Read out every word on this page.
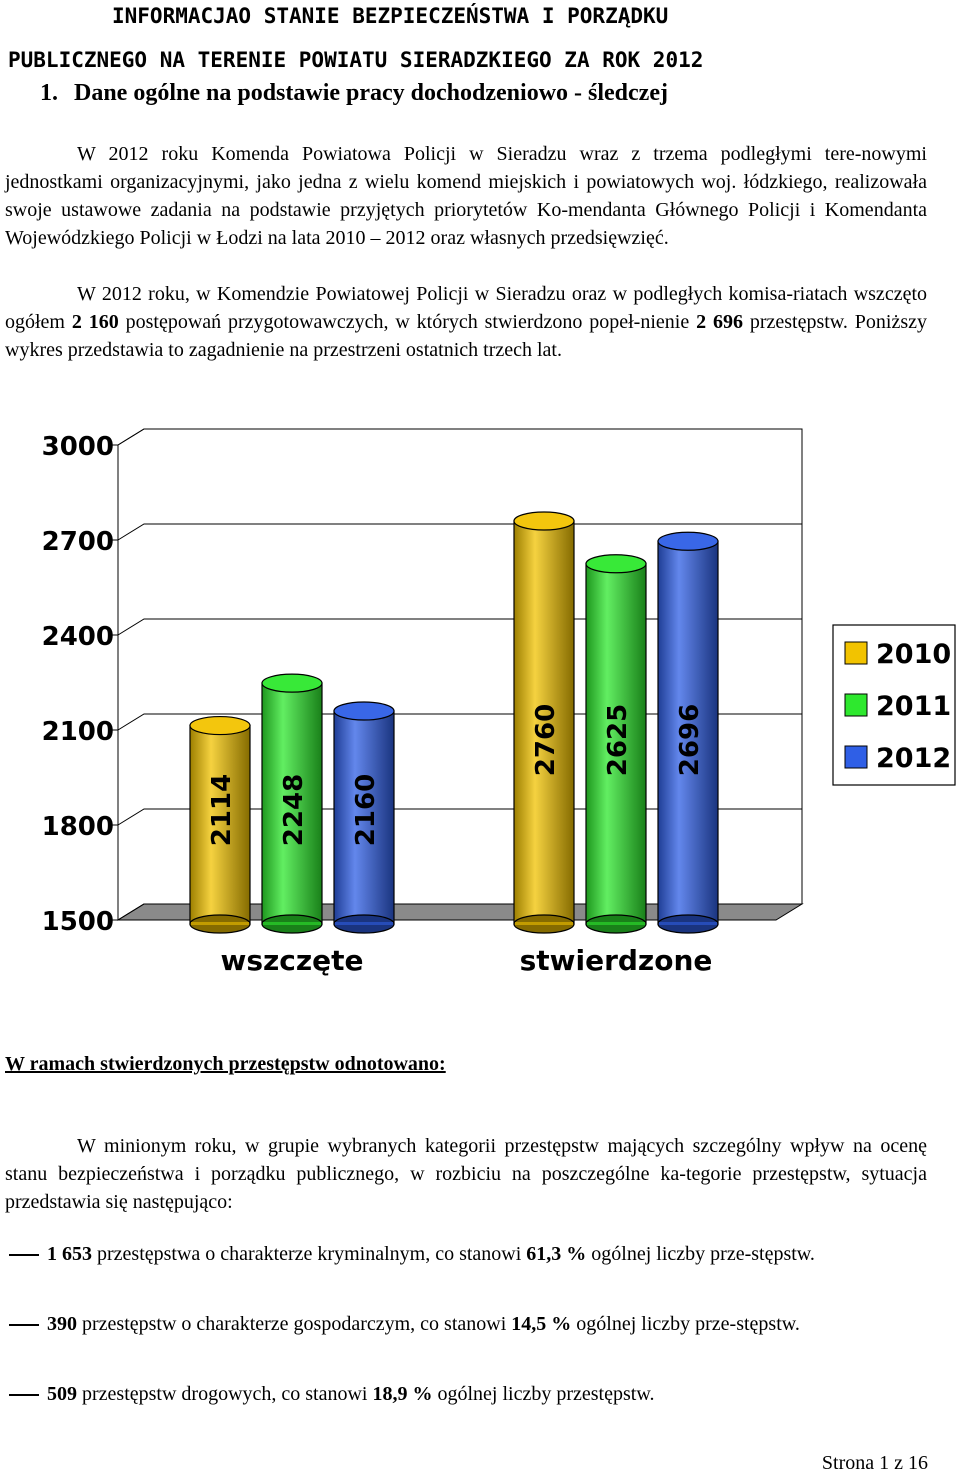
INFORMACJAO STANIE BEZPIECZEŃSTWA I PORZĄDKU
PUBLICZNEGO NA TERENIE POWIATU SIERADZKIEGO ZA ROK 2012
1. Dane ogólne na podstawie pracy dochodzeniowo - śledczej
W 2012 roku Komenda Powiatowa Policji w Sieradzu wraz z trzema podległymi tere-nowymi jednostkami organizacyjnymi, jako jedna z wielu komend miejskich i powiatowych woj. łódzkiego, realizowała swoje ustawowe zadania na podstawie przyjętych priorytetów Ko-mendanta Głównego Policji i Komendanta Wojewódzkiego Policji w Łodzi na lata 2010 – 2012 oraz własnych przedsięwzięć.
W 2012 roku, w Komendzie Powiatowej Policji w Sieradzu oraz w podległych komisa-riatach wszczęto ogółem 2 160 postępowań przygotowawczych, w których stwierdzono popeł-nienie 2 696 przestępstw. Poniższy wykres przedstawia to zagadnienie na przestrzeni ostatnich trzech lat.
1500
1800
2100
2400
2700
3000
2114
2760
2248
2625
2160
2696
wszczęte	stwierdzone
2010
2011
2012
W ramach stwierdzonych przestępstw odnotowano:
W minionym roku, w grupie wybranych kategorii przestępstw mających szczególny wpływ na ocenę stanu bezpieczeństwa i porządku publicznego, w rozbiciu na poszczególne ka-tegorie przestępstw, sytuacja przedstawia się następująco:
1 653 przestępstwa o charakterze kryminalnym, co stanowi 61,3 % ogólnej liczby prze-stępstw.
390 przestępstw o charakterze gospodarczym, co stanowi 14,5 % ogólnej liczby prze-stępstw.
509 przestępstw drogowych, co stanowi 18,9 % ogólnej liczby przestępstw.
Strona 1 z 16
